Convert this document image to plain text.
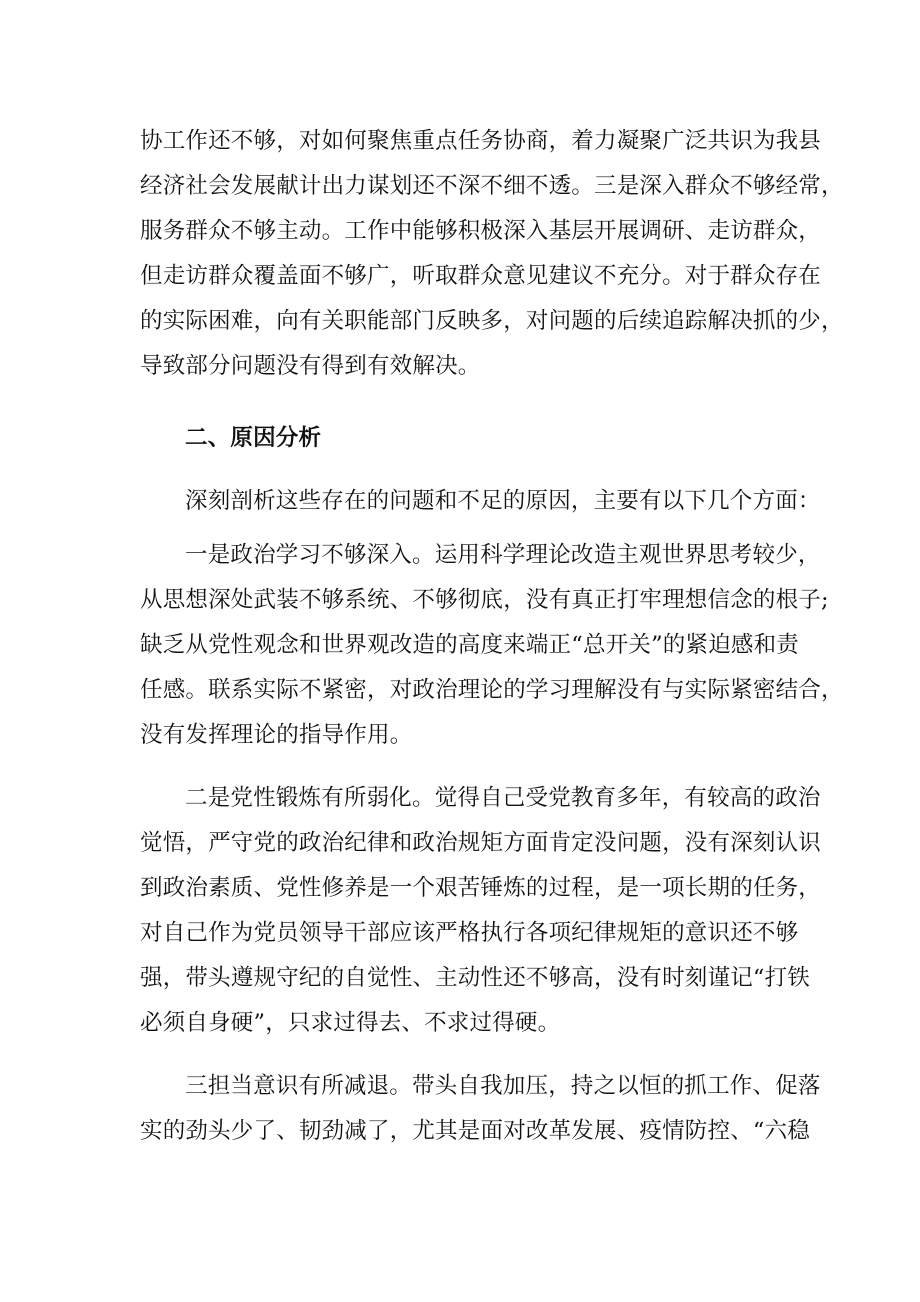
协工作还不够，对如何聚焦重点任务协商，着力凝聚广泛共识为我县
经济社会发展献计出力谋划还不深不细不透。三是深入群众不够经常，
服务群众不够主动。工作中能够积极深入基层开展调研、走访群众，
但走访群众覆盖面不够广，听取群众意见建议不充分。对于群众存在
的实际困难，向有关职能部门反映多，对问题的后续追踪解决抓的少，
导致部分问题没有得到有效解决。
二、原因分析
深刻剖析这些存在的问题和不足的原因，主要有以下几个方面：
一是政治学习不够深入。运用科学理论改造主观世界思考较少，
从思想深处武装不够系统、不够彻底，没有真正打牢理想信念的根子;
缺乏从党性观念和世界观改造的高度来端正“总开关”的紧迫感和责
任感。联系实际不紧密，对政治理论的学习理解没有与实际紧密结合，
没有发挥理论的指导作用。
二是党性锻炼有所弱化。觉得自己受党教育多年，有较高的政治
觉悟，严守党的政治纪律和政治规矩方面肯定没问题，没有深刻认识
到政治素质、党性修养是一个艰苦锤炼的过程，是一项长期的任务，
对自己作为党员领导干部应该严格执行各项纪律规矩的意识还不够
强，带头遵规守纪的自觉性、主动性还不够高，没有时刻谨记“打铁
必须自身硬”，只求过得去、不求过得硬。
三担当意识有所减退。带头自我加压，持之以恒的抓工作、促落
实的劲头少了、韧劲减了，尤其是面对改革发展、疫情防控、“六稳
